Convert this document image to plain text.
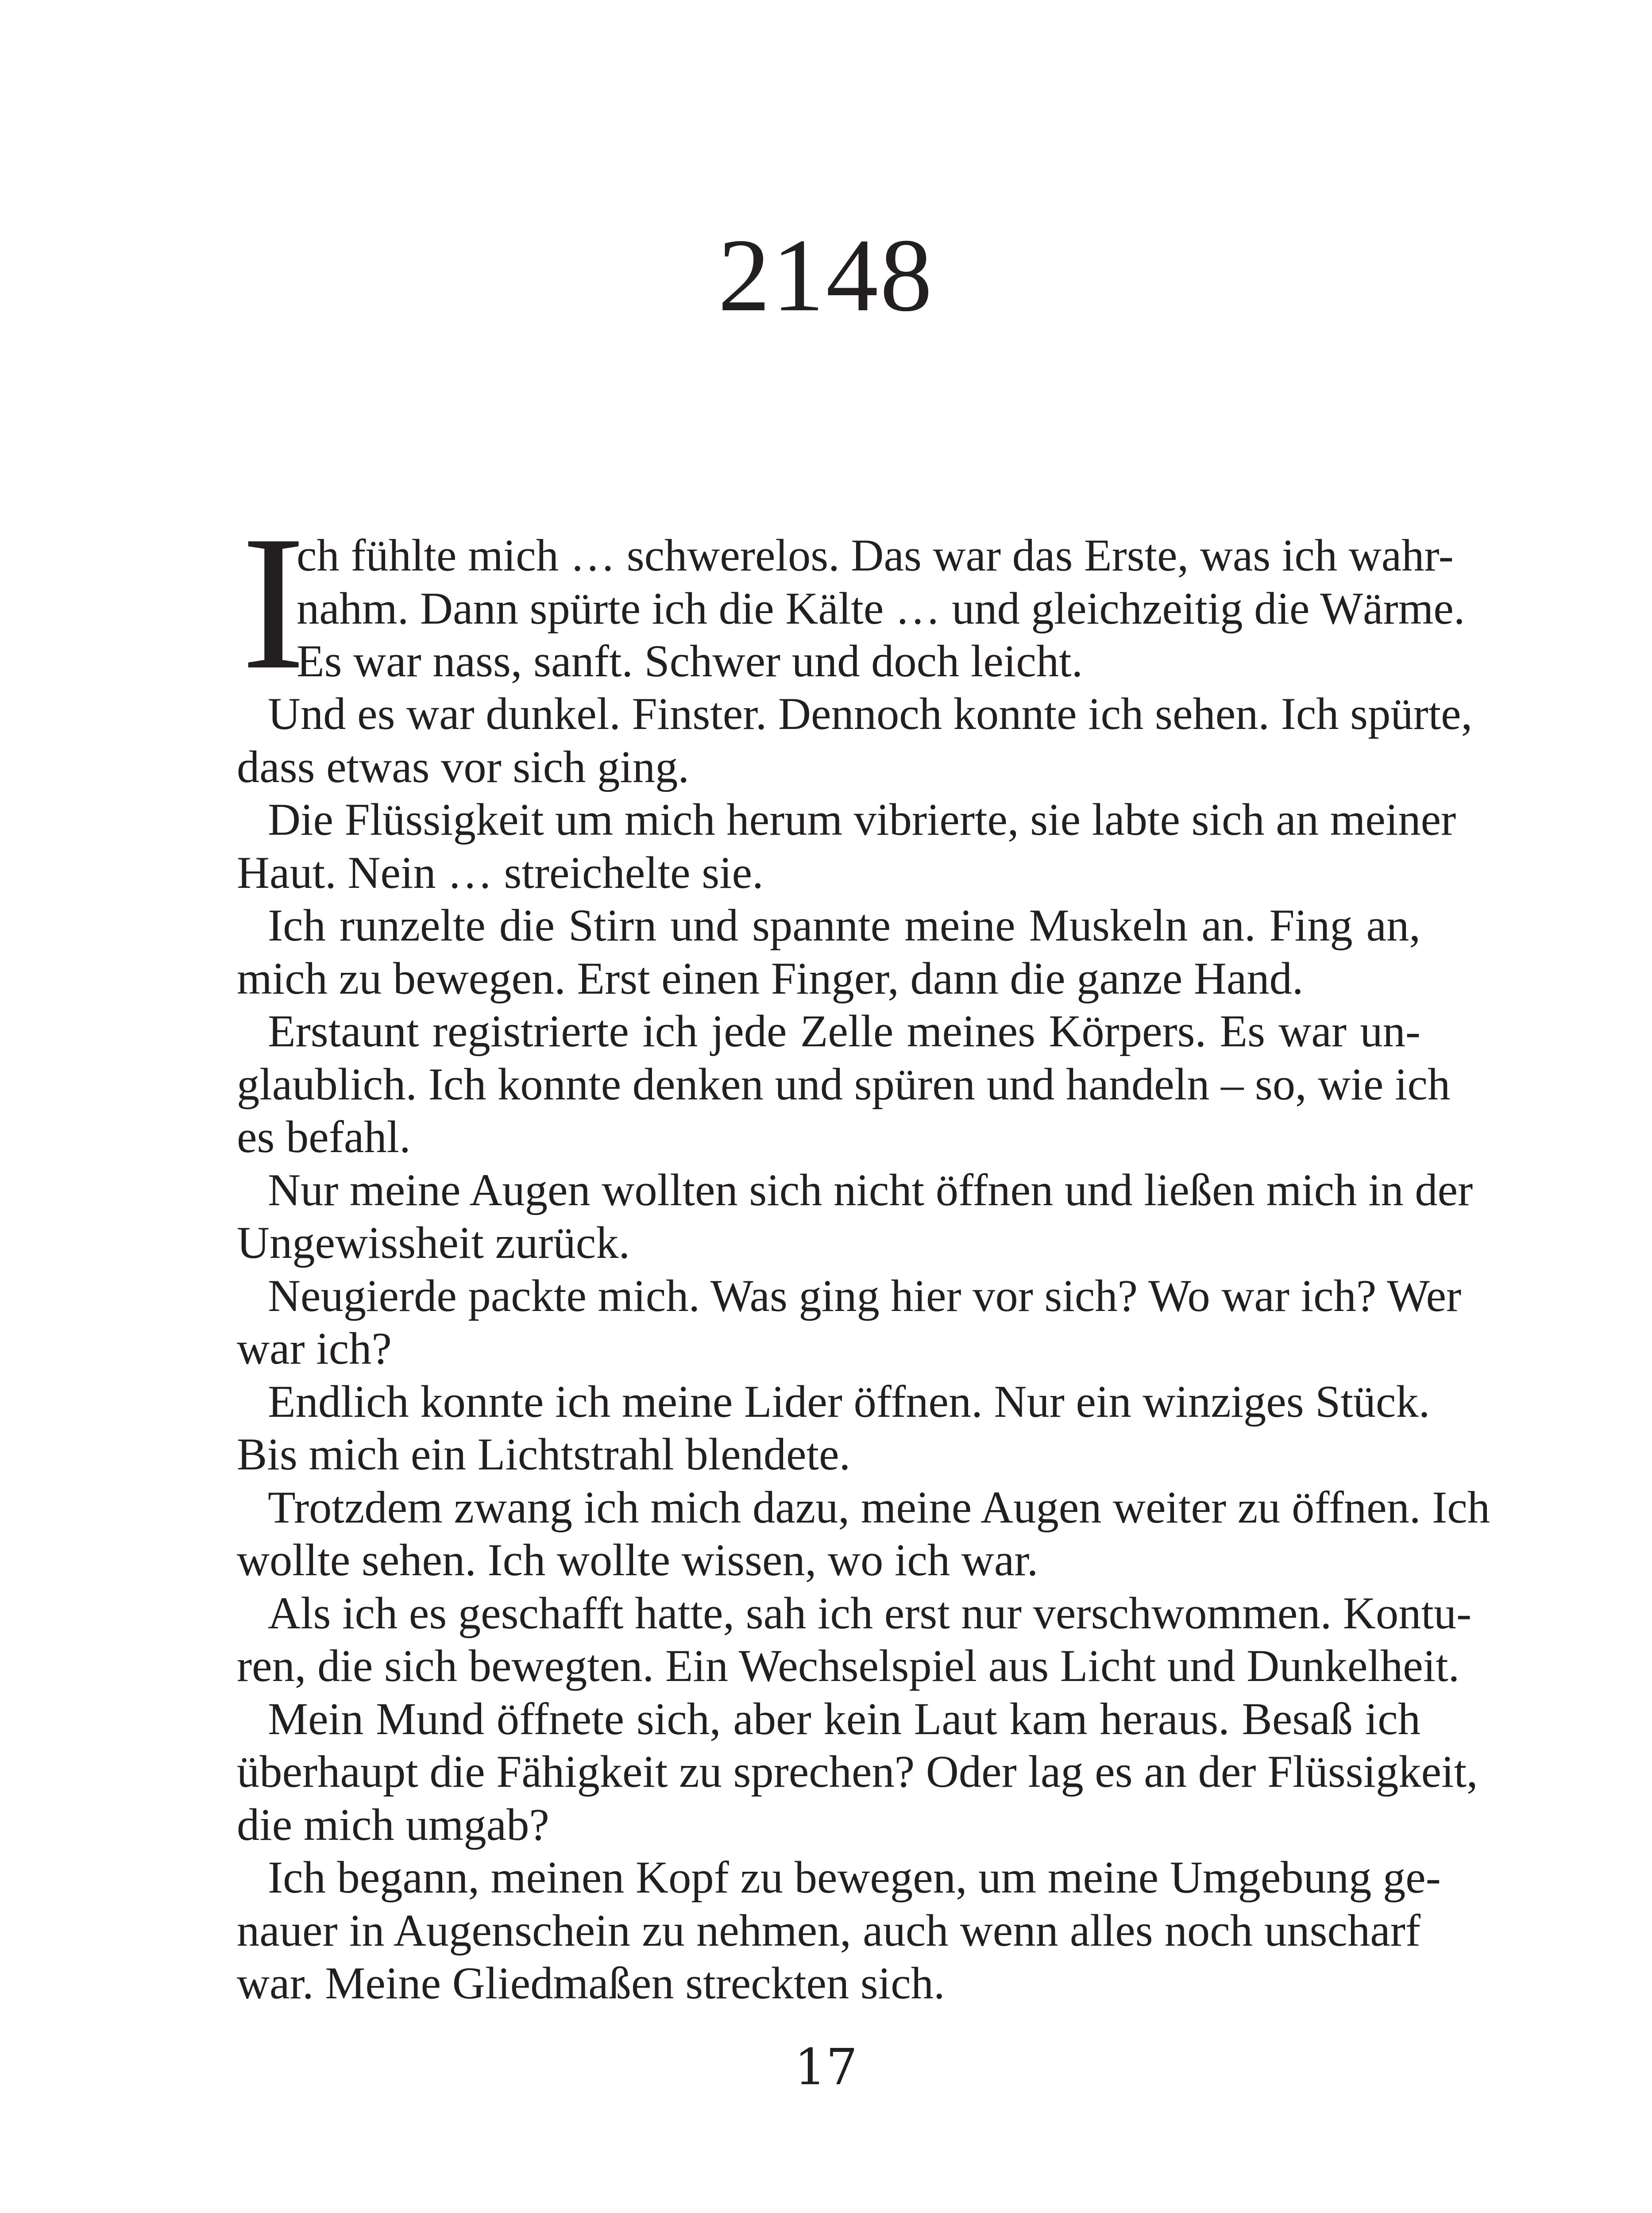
2148

I
ch fühlte mich … schwerelos. Das war das Erste, was ich wahr-
nahm. Dann spürte ich die Kälte … und gleichzeitig die Wärme.
Es war nass, sanft. Schwer und doch leicht.

Und es war dunkel. Finster. Dennoch konnte ich sehen. Ich spürte,
dass etwas vor sich ging.

Die Flüssigkeit um mich herum vibrierte, sie labte sich an meiner
Haut. Nein … streichelte sie.

Ich runzelte die Stirn und spannte meine Muskeln an. Fing an,
mich zu bewegen. Erst einen Finger, dann die ganze Hand.

Erstaunt registrierte ich jede Zelle meines Körpers. Es war un-
glaublich. Ich konnte denken und spüren und handeln – so, wie ich
es befahl.

Nur meine Augen wollten sich nicht öffnen und ließen mich in der
Ungewissheit zurück.

Neugierde packte mich. Was ging hier vor sich? Wo war ich? Wer
war ich?

Endlich konnte ich meine Lider öffnen. Nur ein winziges Stück.
Bis mich ein Lichtstrahl blendete.

Trotzdem zwang ich mich dazu, meine Augen weiter zu öffnen. Ich
wollte sehen. Ich wollte wissen, wo ich war.

Als ich es geschafft hatte, sah ich erst nur verschwommen. Kontu-
ren, die sich bewegten. Ein Wechselspiel aus Licht und Dunkelheit.

Mein Mund öffnete sich, aber kein Laut kam heraus. Besaß ich
überhaupt die Fähigkeit zu sprechen? Oder lag es an der Flüssigkeit,
die mich umgab?

Ich begann, meinen Kopf zu bewegen, um meine Umgebung ge-
nauer in Augenschein zu nehmen, auch wenn alles noch unscharf
war. Meine Gliedmaßen streckten sich.

17
